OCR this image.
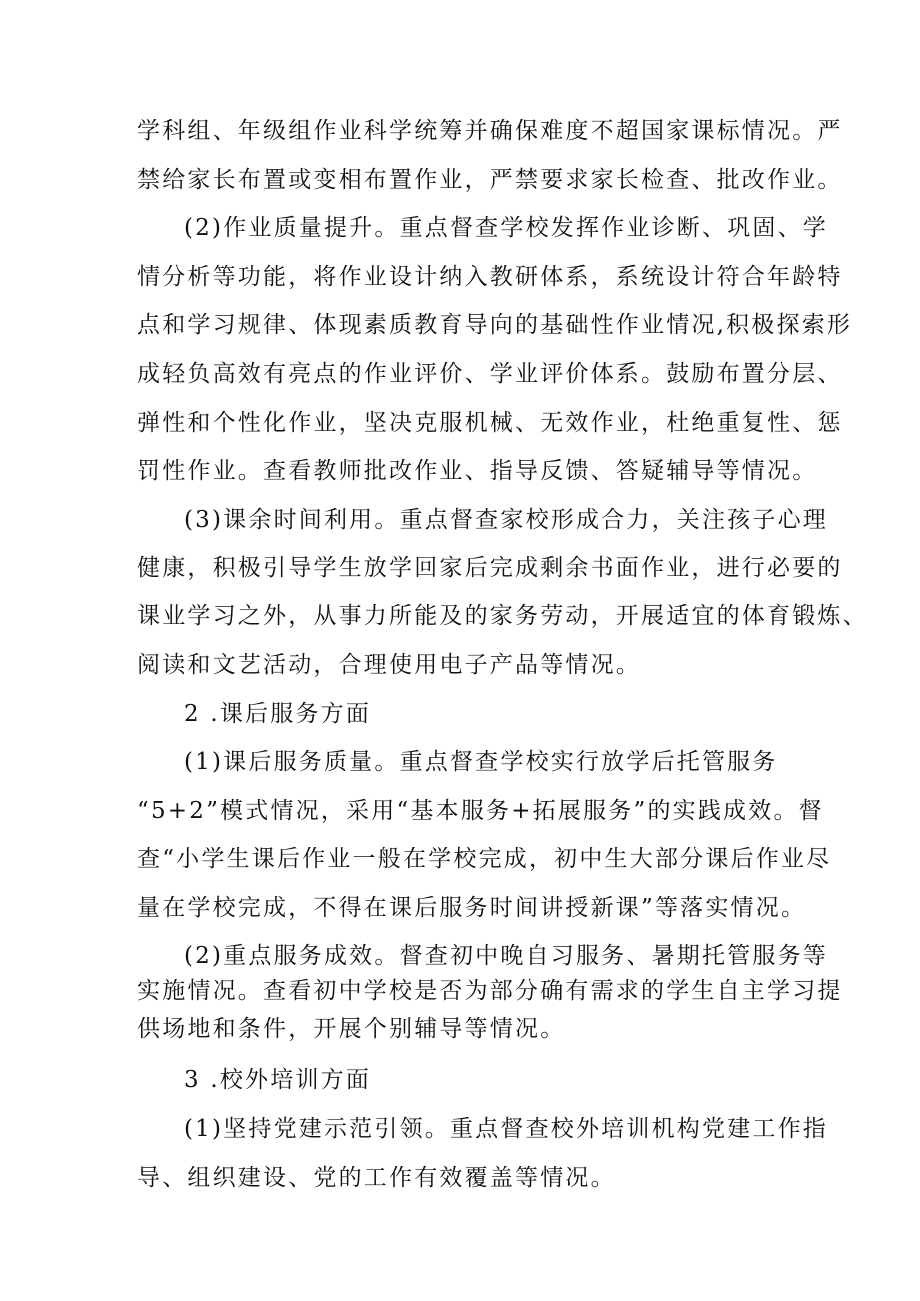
学科组、年级组作业科学统筹并确保难度不超国家课标情况。严
禁给家长布置或变相布置作业，严禁要求家长检查、批改作业。
(2)作业质量提升。重点督查学校发挥作业诊断、巩固、学
情分析等功能，将作业设计纳入教研体系，系统设计符合年龄特
点和学习规律、体现素质教育导向的基础性作业情况,积极探索形
成轻负高效有亮点的作业评价、学业评价体系。鼓励布置分层、
弹性和个性化作业，坚决克服机械、无效作业，杜绝重复性、惩
罚性作业。查看教师批改作业、指导反馈、答疑辅导等情况。
(3)课余时间利用。重点督查家校形成合力，关注孩子心理
健康，积极引导学生放学回家后完成剩余书面作业，进行必要的
课业学习之外，从事力所能及的家务劳动，开展适宜的体育锻炼、
阅读和文艺活动，合理使用电子产品等情况。
2 .课后服务方面
(1)课后服务质量。重点督查学校实行放学后托管服务
“5+2”模式情况，采用“基本服务+拓展服务”的实践成效。督
查“小学生课后作业一般在学校完成，初中生大部分课后作业尽
量在学校完成，不得在课后服务时间讲授新课”等落实情况。
(2)重点服务成效。督查初中晚自习服务、暑期托管服务等
实施情况。查看初中学校是否为部分确有需求的学生自主学习提
供场地和条件，开展个别辅导等情况。
3 .校外培训方面
(1)坚持党建示范引领。重点督查校外培训机构党建工作指
导、组织建设、党的工作有效覆盖等情况。
